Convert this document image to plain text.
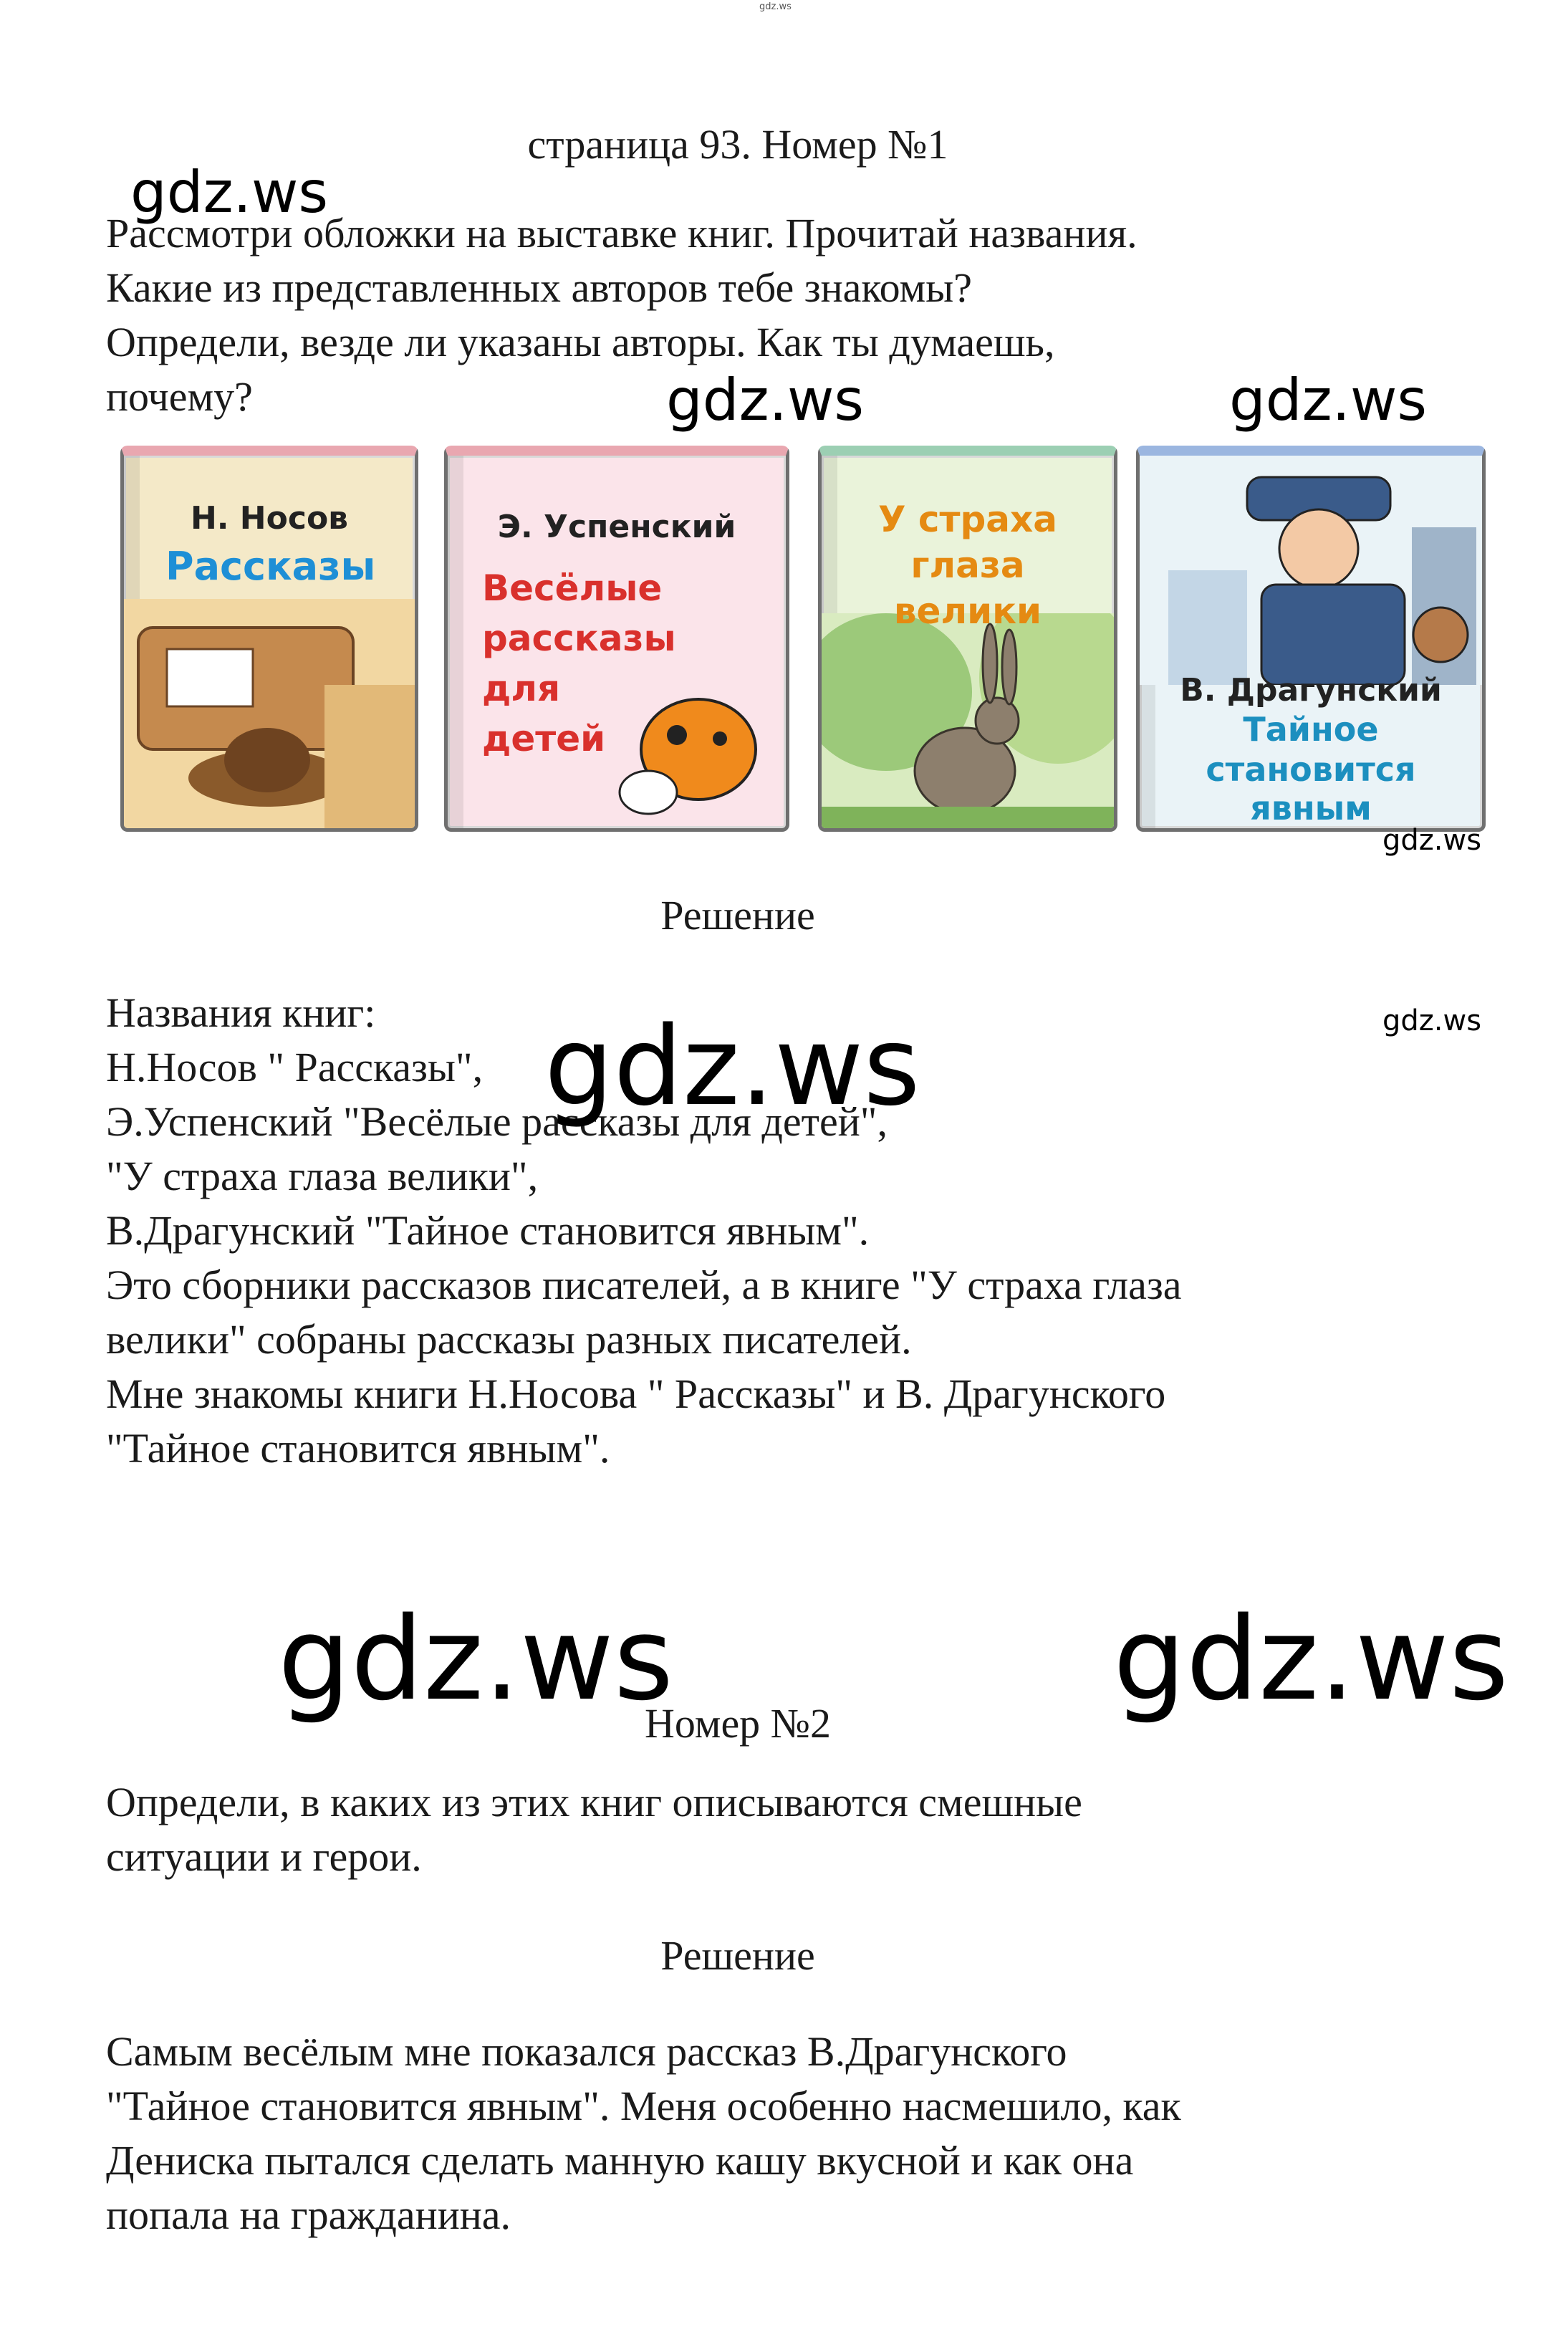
gdz.ws
страница 93. Номер №1
gdz.ws
Рассмотри обложки на выставке книг. Прочитай названия.
Какие из представленных авторов тебе знакомы?
Определи, везде ли указаны авторы. Как ты думаешь,
почему?	gdz.ws	gdz.ws
Н. Носов
Рассказы
Э. Успенский
Весёлые
рассказы
для
детей
У страха
глаза
велики
В. Драгунский
Тайное
становится
явным
gdz.ws
Решение
gdz.ws
Названия книг:
Н.Носов " Рассказы",
Э.Успенский "Весёлые рассказы для детей",
"У страха глаза велики",
В.Драгунский "Тайное становится явным".
Это сборники рассказов писателей, а в книге "У страха глаза
велики" собраны рассказы разных писателей.
Мне знакомы книги Н.Носова " Рассказы" и В. Драгунского
"Тайное становится явным".
gdz.ws
gdz.ws	gdz.ws
Номер №2
Определи, в каких из этих книг описываются смешные
ситуации и герои.
Решение
Самым весёлым мне показался рассказ В.Драгунского
"Тайное становится явным". Меня особенно насмешило, как
Дениска пытался сделать манную кашу вкусной и как она
попала на гражданина.
